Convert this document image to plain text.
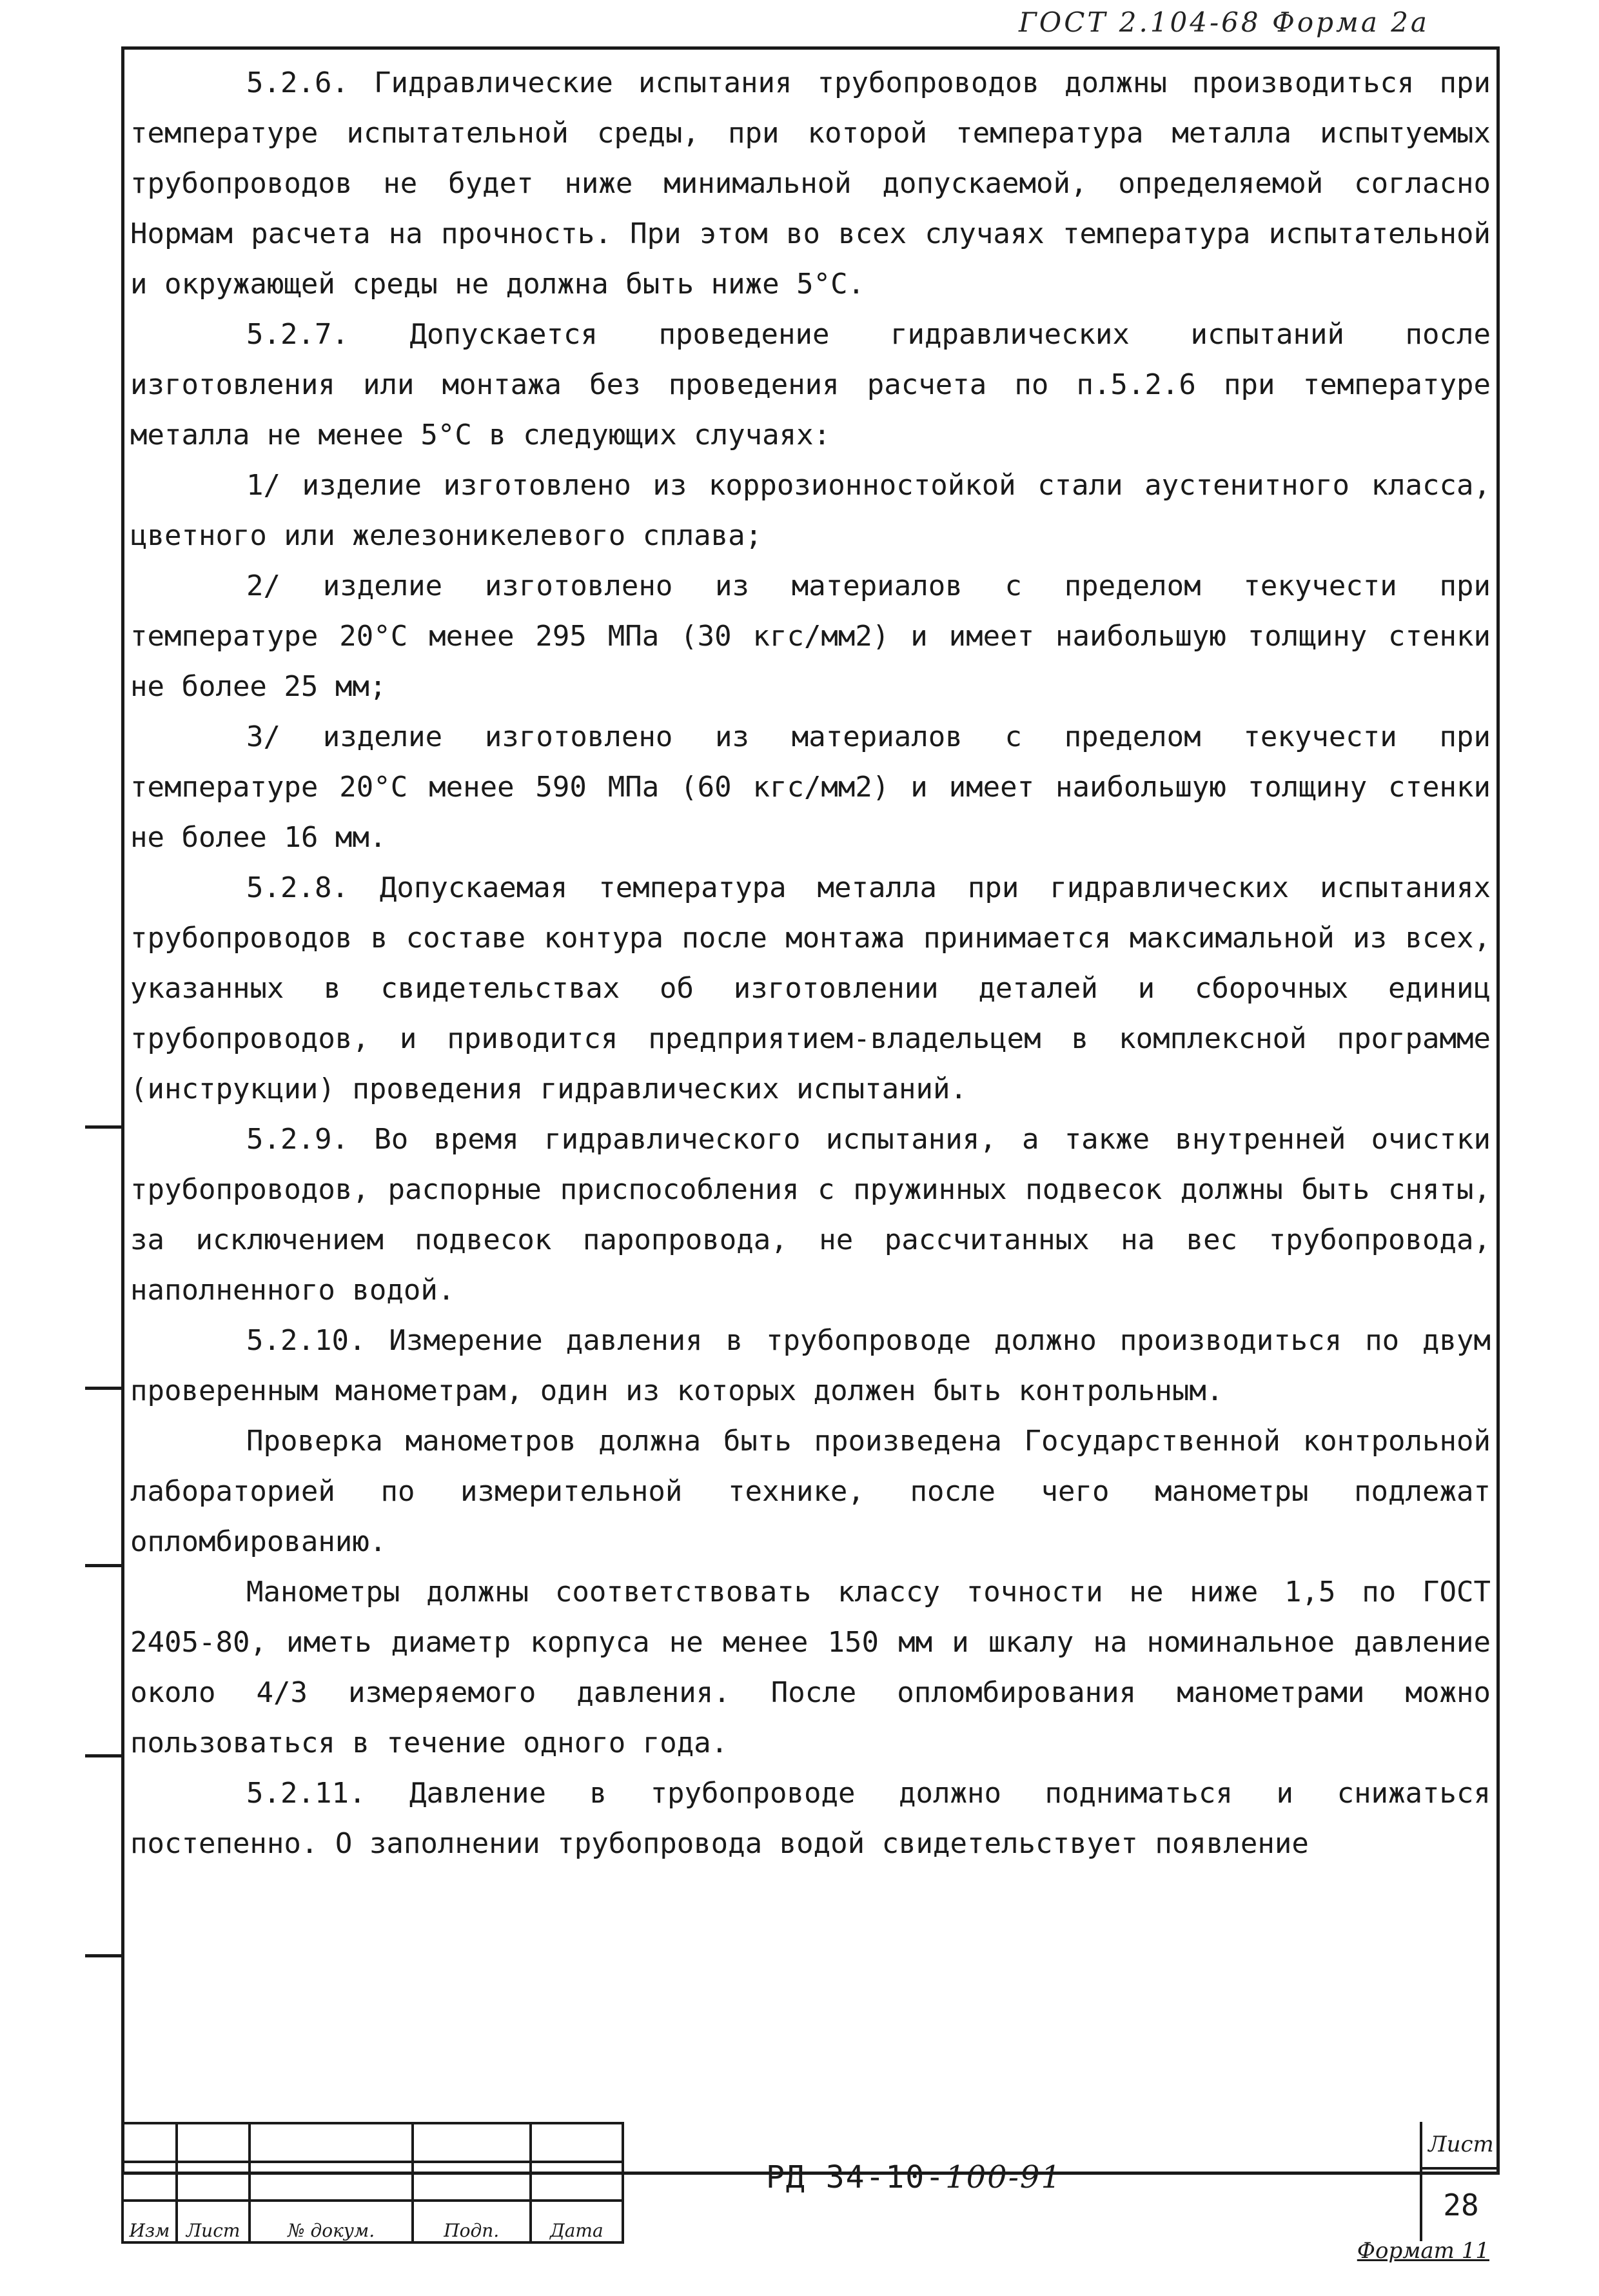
ГОСТ 2.104-68 Форма 2а

5.2.6. Гидравлические испытания трубопроводов должны производиться при температуре испытательной среды, при которой температура металла испытуемых трубопроводов не будет ниже минимальной допускаемой, определяемой согласно Нормам расчета на прочность. При этом во всех случаях температура испытательной и окружающей среды не должна быть ниже 5°С.

5.2.7. Допускается проведение гидравлических испытаний после изготовления или монтажа без проведения расчета по п.5.2.6 при температуре металла не менее 5°С в следующих случаях:

1/ изделие изготовлено из коррозионностойкой стали аустенитного класса, цветного или железоникелевого сплава;

2/ изделие изготовлено из материалов с пределом текучести при температуре 20°С менее 295 МПа (30 кгс/мм2) и имеет наибольшую толщину стенки не более 25 мм;

3/ изделие изготовлено из материалов с пределом текучести при температуре 20°С менее 590 МПа (60 кгс/мм2) и имеет наибольшую толщину стенки не более 16 мм.

5.2.8. Допускаемая температура металла при гидравлических испытаниях трубопроводов в составе контура после монтажа принимается максимальной из всех, указанных в свидетельствах об изготовлении деталей и сборочных единиц трубопроводов, и приводится предприятием-владельцем в комплексной программе (инструкции) проведения гидравлических испытаний.

5.2.9. Во время гидравлического испытания, а также внутренней очистки трубопроводов, распорные приспособления с пружинных подвесок должны быть сняты, за исключением подвесок паропровода, не рассчитанных на вес трубопровода, наполненного водой.

5.2.10. Измерение давления в трубопроводе должно производиться по двум проверенным манометрам, один из которых должен быть контрольным.

Проверка манометров должна быть произведена Государственной контрольной лабораторией по измерительной технике, после чего манометры подлежат опломбированию.

Манометры должны соответствовать классу точности не ниже 1,5 по ГОСТ 2405-80, иметь диаметр корпуса не менее 150 мм и шкалу на номинальное давление около 4/3 измеряемого давления. После опломбирования манометрами можно пользоваться в течение одного года.

5.2.11. Давление в трубопроводе должно подниматься и снижаться постепенно. О заполнении трубопровода водой свидетельствует появление

Изм	Лист	№ докум.	Подп.	Дата
РД 34-10-100-91
Лист
28
Формат 11
